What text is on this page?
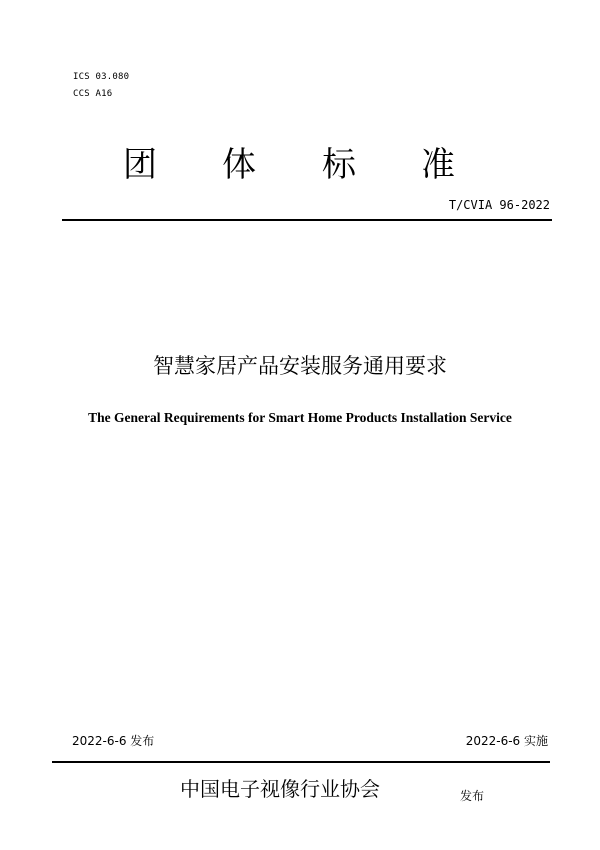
ICS 03.080
CCS A16
团 体 标 准
T/CVIA 96-2022
智慧家居产品安装服务通用要求
The General Requirements for Smart Home Products Installation Service
2022-6-6 发布	2022-6-6 实施
中国电子视像行业协会	发布
